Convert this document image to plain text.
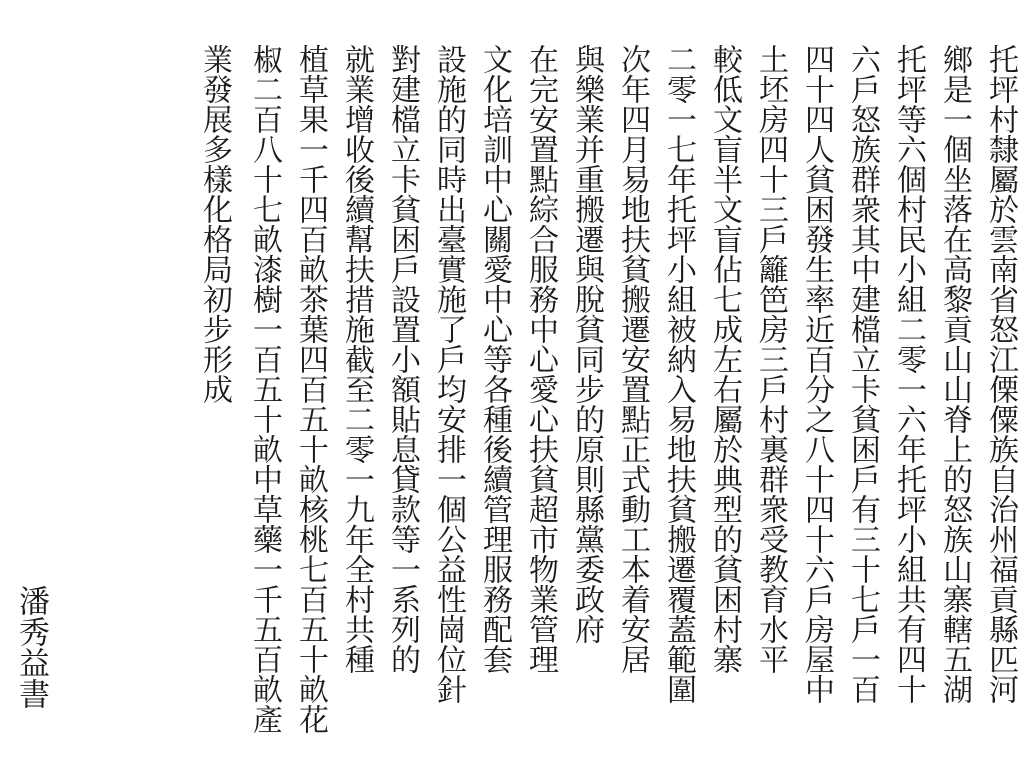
托坪村隸屬於雲南省怒江傈僳族自治州福貢縣匹河
鄉是一個坐落在高黎貢山山脊上的怒族山寨轄五湖
托坪等六個村民小組二零一六年托坪小組共有四十
六戶怒族群衆其中建檔立卡貧困戶有三十七戶一百
四十四人貧困發生率近百分之八十四十六戶房屋中
土坯房四十三戶籬笆房三戶村裏群衆受教育水平
較低文盲半文盲佔七成左右屬於典型的貧困村寨
二零一七年托坪小組被納入易地扶貧搬遷覆蓋範圍
次年四月易地扶貧搬遷安置點正式動工本着安居
與樂業并重搬遷與脫貧同步的原則縣黨委政府
在完安置點綜合服務中心愛心扶貧超市物業管理
文化培訓中心關愛中心等各種後續管理服務配套
設施的同時出臺實施了戶均安排一個公益性崗位針
對建檔立卡貧困戶設置小額貼息貸款等一系列的
就業增收後續幫扶措施截至二零一九年全村共種
植草果一千四百畝茶葉四百五十畝核桃七百五十畝花
椒二百八十七畝漆樹一百五十畝中草藥一千五百畝產
業發展多樣化格局初步形成
潘秀益書
